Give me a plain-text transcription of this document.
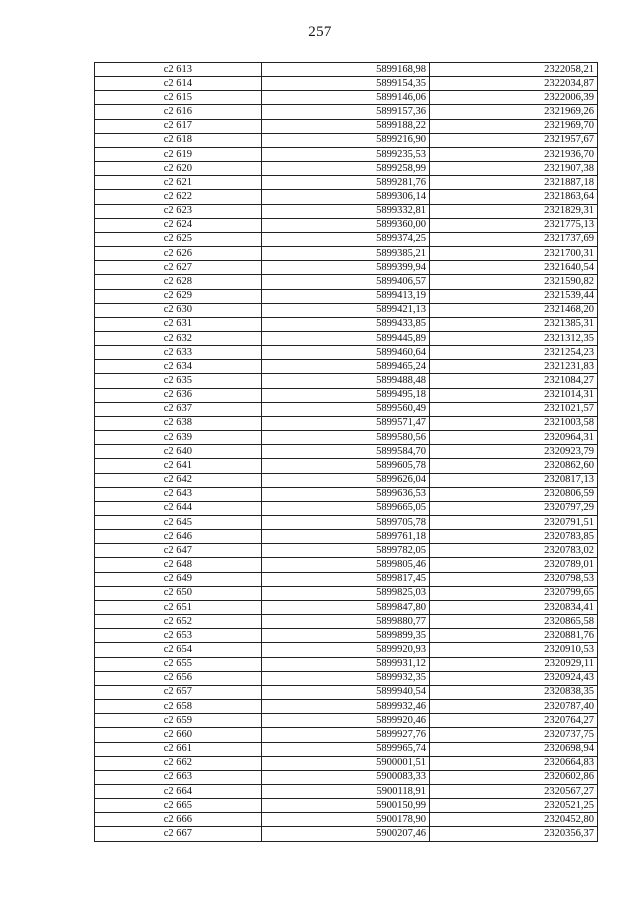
257
с2 613	5899168,98	2322058,21
с2 614	5899154,35	2322034,87
с2 615	5899146,06	2322006,39
с2 616	5899157,36	2321969,26
с2 617	5899188,22	2321969,70
с2 618	5899216,90	2321957,67
с2 619	5899235,53	2321936,70
с2 620	5899258,99	2321907,38
с2 621	5899281,76	2321887,18
с2 622	5899306,14	2321863,64
с2 623	5899332,81	2321829,31
с2 624	5899360,00	2321775,13
с2 625	5899374,25	2321737,69
с2 626	5899385,21	2321700,31
с2 627	5899399,94	2321640,54
с2 628	5899406,57	2321590,82
с2 629	5899413,19	2321539,44
с2 630	5899421,13	2321468,20
с2 631	5899433,85	2321385,31
с2 632	5899445,89	2321312,35
с2 633	5899460,64	2321254,23
с2 634	5899465,24	2321231,83
с2 635	5899488,48	2321084,27
с2 636	5899495,18	2321014,31
с2 637	5899560,49	2321021,57
с2 638	5899571,47	2321003,58
с2 639	5899580,56	2320964,31
с2 640	5899584,70	2320923,79
с2 641	5899605,78	2320862,60
с2 642	5899626,04	2320817,13
с2 643	5899636,53	2320806,59
с2 644	5899665,05	2320797,29
с2 645	5899705,78	2320791,51
с2 646	5899761,18	2320783,85
с2 647	5899782,05	2320783,02
с2 648	5899805,46	2320789,01
с2 649	5899817,45	2320798,53
с2 650	5899825,03	2320799,65
с2 651	5899847,80	2320834,41
с2 652	5899880,77	2320865,58
с2 653	5899899,35	2320881,76
с2 654	5899920,93	2320910,53
с2 655	5899931,12	2320929,11
с2 656	5899932,35	2320924,43
с2 657	5899940,54	2320838,35
с2 658	5899932,46	2320787,40
с2 659	5899920,46	2320764,27
с2 660	5899927,76	2320737,75
с2 661	5899965,74	2320698,94
с2 662	5900001,51	2320664,83
с2 663	5900083,33	2320602,86
с2 664	5900118,91	2320567,27
с2 665	5900150,99	2320521,25
с2 666	5900178,90	2320452,80
с2 667	5900207,46	2320356,37
